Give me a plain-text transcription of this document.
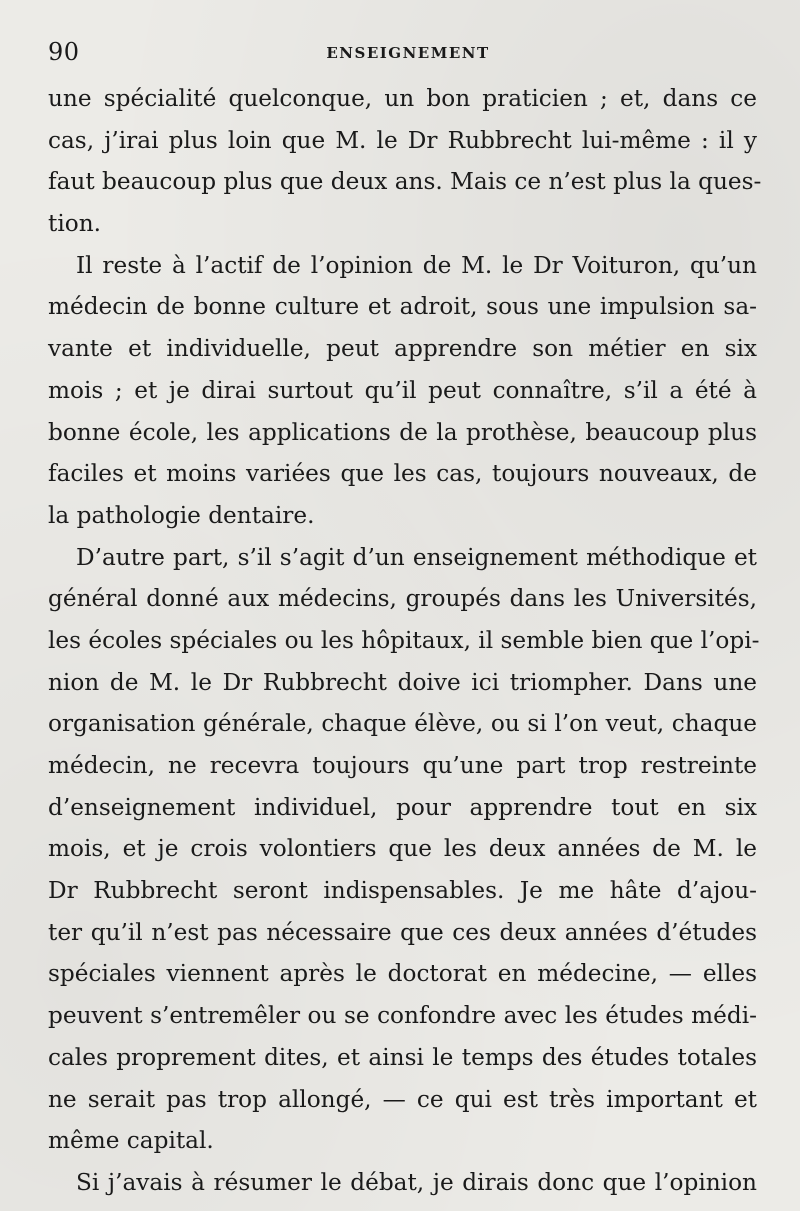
90	ENSEIGNEMENT
une spécialité quelconque, un bon praticien ; et, dans ce
cas, j’irai plus loin que M. le Dr Rubbrecht lui-même : il y
faut beaucoup plus que deux ans. Mais ce n’est plus la ques-
tion.
Il reste à l’actif de l’opinion de M. le Dr Voituron, qu’un
médecin de bonne culture et adroit, sous une impulsion sa-
vante et individuelle, peut apprendre son métier en six
mois ; et je dirai surtout qu’il peut connaître, s’il a été à
bonne école, les applications de la prothèse, beaucoup plus
faciles et moins variées que les cas, toujours nouveaux, de
la pathologie dentaire.
D’autre part, s’il s’agit d’un enseignement méthodique et
général donné aux médecins, groupés dans les Universités,
les écoles spéciales ou les hôpitaux, il semble bien que l’opi-
nion de M. le Dr Rubbrecht doive ici triompher. Dans une
organisation générale, chaque élève, ou si l’on veut, chaque
médecin, ne recevra toujours qu’une part trop restreinte
d’enseignement individuel, pour apprendre tout en six
mois, et je crois volontiers que les deux années de M. le
Dr Rubbrecht seront indispensables. Je me hâte d’ajou-
ter qu’il n’est pas nécessaire que ces deux années d’études
spéciales viennent après le doctorat en médecine, — elles
peuvent s’entremêler ou se confondre avec les études médi-
cales proprement dites, et ainsi le temps des études totales
ne serait pas trop allongé, — ce qui est très important et
même capital.
Si j’avais à résumer le débat, je dirais donc que l’opinion
